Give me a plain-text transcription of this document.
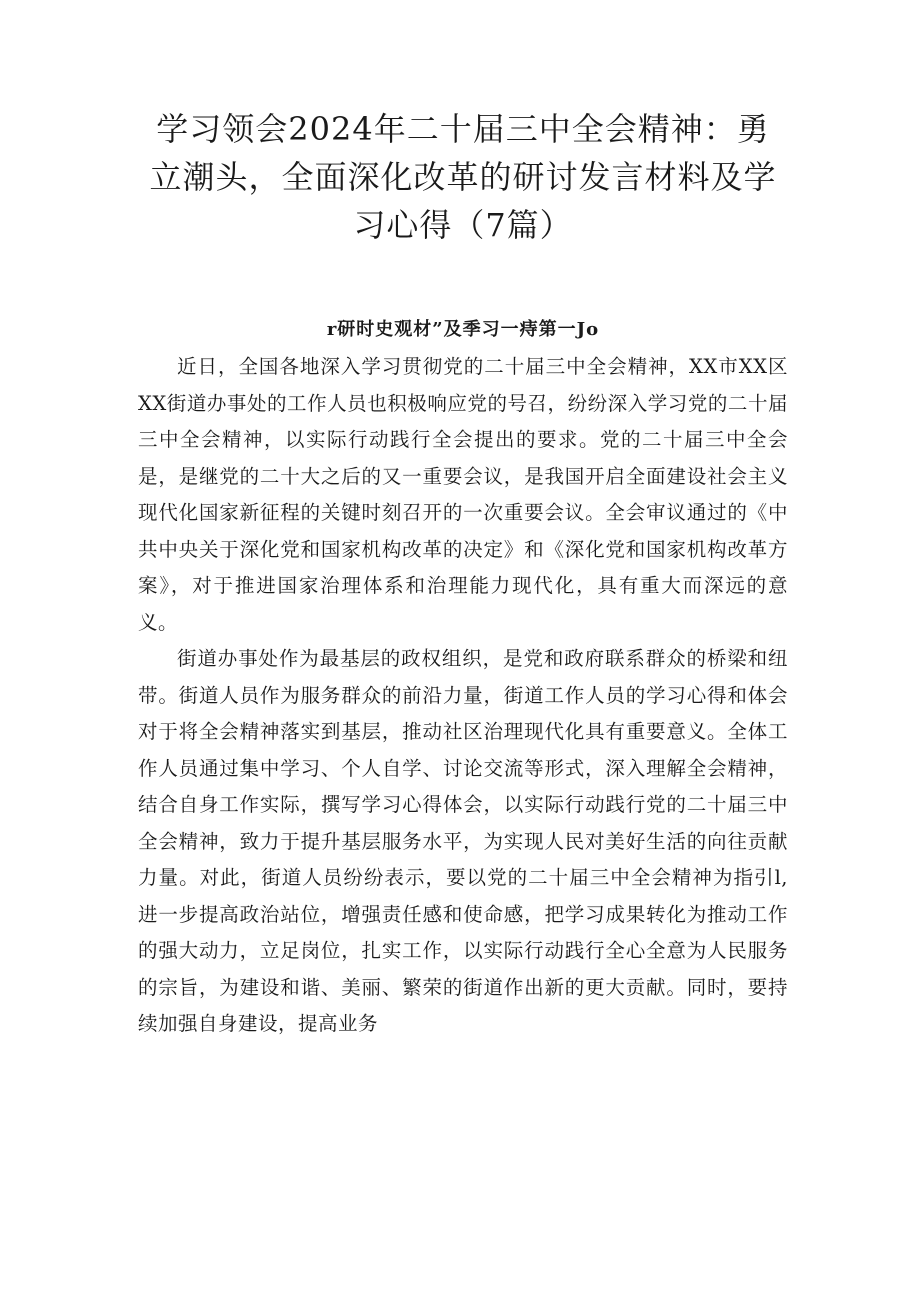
学习领会2024年二十届三中全会精神：勇立潮头，全面深化改革的研讨发言材料及学习心得（7篇）
r研时史观材”及季习一痔第一Jo

近日，全国各地深入学习贯彻党的二十届三中全会精神，XX市XX区XX街道办事处的工作人员也积极响应党的号召，纷纷深入学习党的二十届三中全会精神，以实际行动践行全会提出的要求。党的二十届三中全会是，是继党的二十大之后的又一重要会议，是我国开启全面建设社会主义现代化国家新征程的关键时刻召开的一次重要会议。全会审议通过的《中共中央关于深化党和国家机构改革的决定》和《深化党和国家机构改革方案》，对于推进国家治理体系和治理能力现代化，具有重大而深远的意义。

街道办事处作为最基层的政权组织，是党和政府联系群众的桥梁和纽带。街道人员作为服务群众的前沿力量，街道工作人员的学习心得和体会对于将全会精神落实到基层，推动社区治理现代化具有重要意义。全体工作人员通过集中学习、个人自学、讨论交流等形式，深入理解全会精神，结合自身工作实际，撰写学习心得体会，以实际行动践行党的二十届三中全会精神，致力于提升基层服务水平，为实现人民对美好生活的向往贡献力量。对此，街道人员纷纷表示，要以党的二十届三中全会精神为指引l,进一步提高政治站位，增强责任感和使命感，把学习成果转化为推动工作的强大动力，立足岗位，扎实工作，以实际行动践行全心全意为人民服务的宗旨，为建设和谐、美丽、繁荣的街道作出新的更大贡献。同时，要持续加强自身建设，提高业务
